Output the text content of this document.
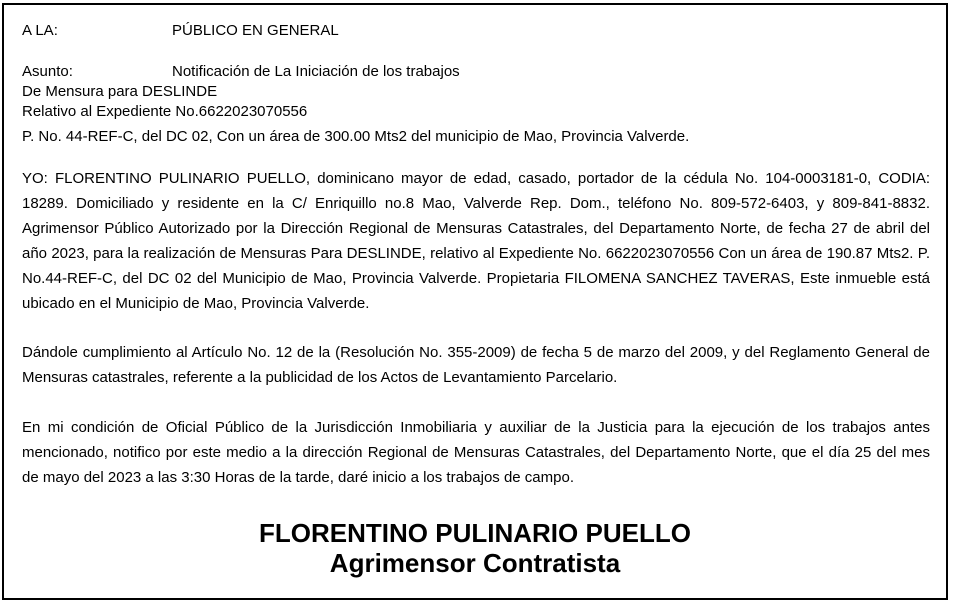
A LA:	PÚBLICO EN GENERAL
Asunto:	Notificación de La Iniciación de los trabajos
De Mensura para DESLINDE
Relativo al Expediente No.6622023070556
P. No. 44-REF-C, del DC 02, Con un área de 300.00 Mts2 del municipio de Mao, Provincia Valverde.

YO: FLORENTINO PULINARIO PUELLO, dominicano mayor de edad, casado, portador de la cédula No. 104-0003181-0, CODIA: 18289. Domiciliado y residente en la C/ Enriquillo no.8 Mao, Valverde Rep. Dom., teléfono No. 809-572-6403, y 809-841-8832. Agrimensor Público Autorizado por la Dirección Regional de Mensuras Catastrales, del Departamento Norte, de fecha 27 de abril del año 2023, para la realización de Mensuras Para DESLINDE, relativo al Expediente No. 6622023070556 Con un área de 190.87 Mts2. P. No.44-REF-C, del DC 02 del Municipio de Mao, Provincia Valverde. Propietaria FILOMENA SANCHEZ TAVERAS, Este inmueble está ubicado en el Municipio de Mao, Provincia Valverde.

Dándole cumplimiento al Artículo No. 12 de la (Resolución No. 355-2009) de fecha 5 de marzo del 2009, y del Reglamento General de Mensuras catastrales, referente a la publicidad de los Actos de Levantamiento Parcelario.

En mi condición de Oficial Público de la Jurisdicción Inmobiliaria y auxiliar de la Justicia para la ejecución de los trabajos antes mencionado, notifico por este medio a la dirección Regional de Mensuras Catastrales, del Departamento Norte, que el día 25 del mes de mayo del 2023 a las 3:30 Horas de la tarde, daré inicio a los trabajos de campo.

FLORENTINO PULINARIO PUELLO
Agrimensor Contratista
